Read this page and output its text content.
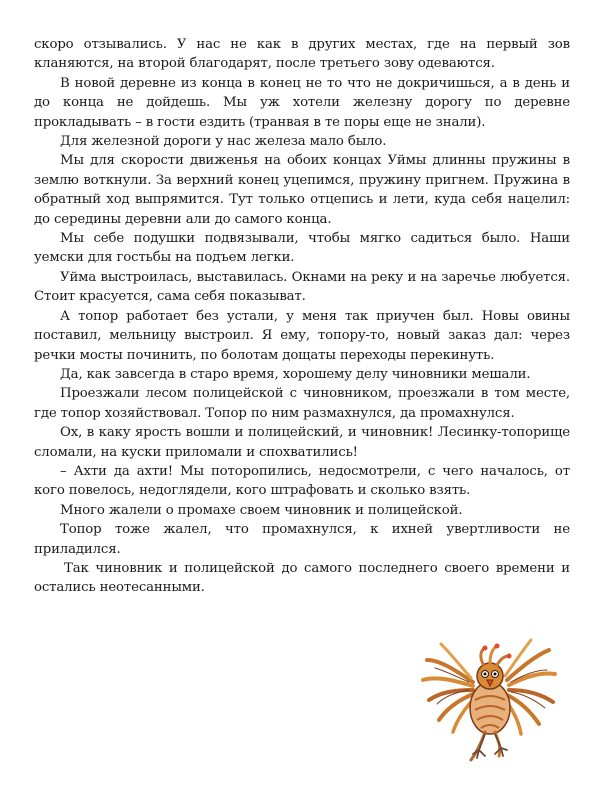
скоро отзывались. У нас не как в других местах, где на первый зов кланяются, на второй благодарят, после третьего зову одеваются.

В новой деревне из конца в конец не то что не докричишься, а в день и до конца не дойдешь. Мы уж хотели железну дорогу по деревне прокладывать – в гости ездить (транвая в те поры еще не знали).

Для железной дороги у нас железа мало было.

Мы для скорости движенья на обоих концах Уймы длинны пружины в землю воткнули. За верхний конец уцепимся, пружину пригнем. Пружина в обратный ход выпрямится. Тут только отцепись и лети, куда себя нацелил: до середины деревни али до самого конца.

Мы себе подушки подвязывали, чтобы мягко садиться было. Наши уемски для гостьбы на подъем легки.

Уйма выстроилась, выставилась. Окнами на реку и на заречье любуется. Стоит красуется, сама себя показыват.

А топор работает без устали, у меня так приучен был. Новы овины поставил, мельницу выстроил. Я ему, топору-то, новый заказ дал: через речки мосты починить, по болотам дощаты переходы перекинуть.

Да, как завсегда в старо время, хорошему делу чиновники мешали.

Проезжали лесом полицейской с чиновником, проезжали в том месте, где топор хозяйствовал. Топор по ним размахнулся, да промахнулся.

Ох, в каку ярость вошли и полицейский, и чиновник! Лесинку-топорище сломали, на куски приломали и спохватились!

– Ахти да ахти! Мы поторопились, недосмотрели, с чего началось, от кого повелось, недоглядели, кого штрафовать и сколько взять.

Много жалели о промахе своем чиновник и полицейской.

Топор тоже жалел, что промахнулся, к ихней увертливости не приладился.

Так чиновник и полицейской до самого последнего своего времени и остались неотесанными.
